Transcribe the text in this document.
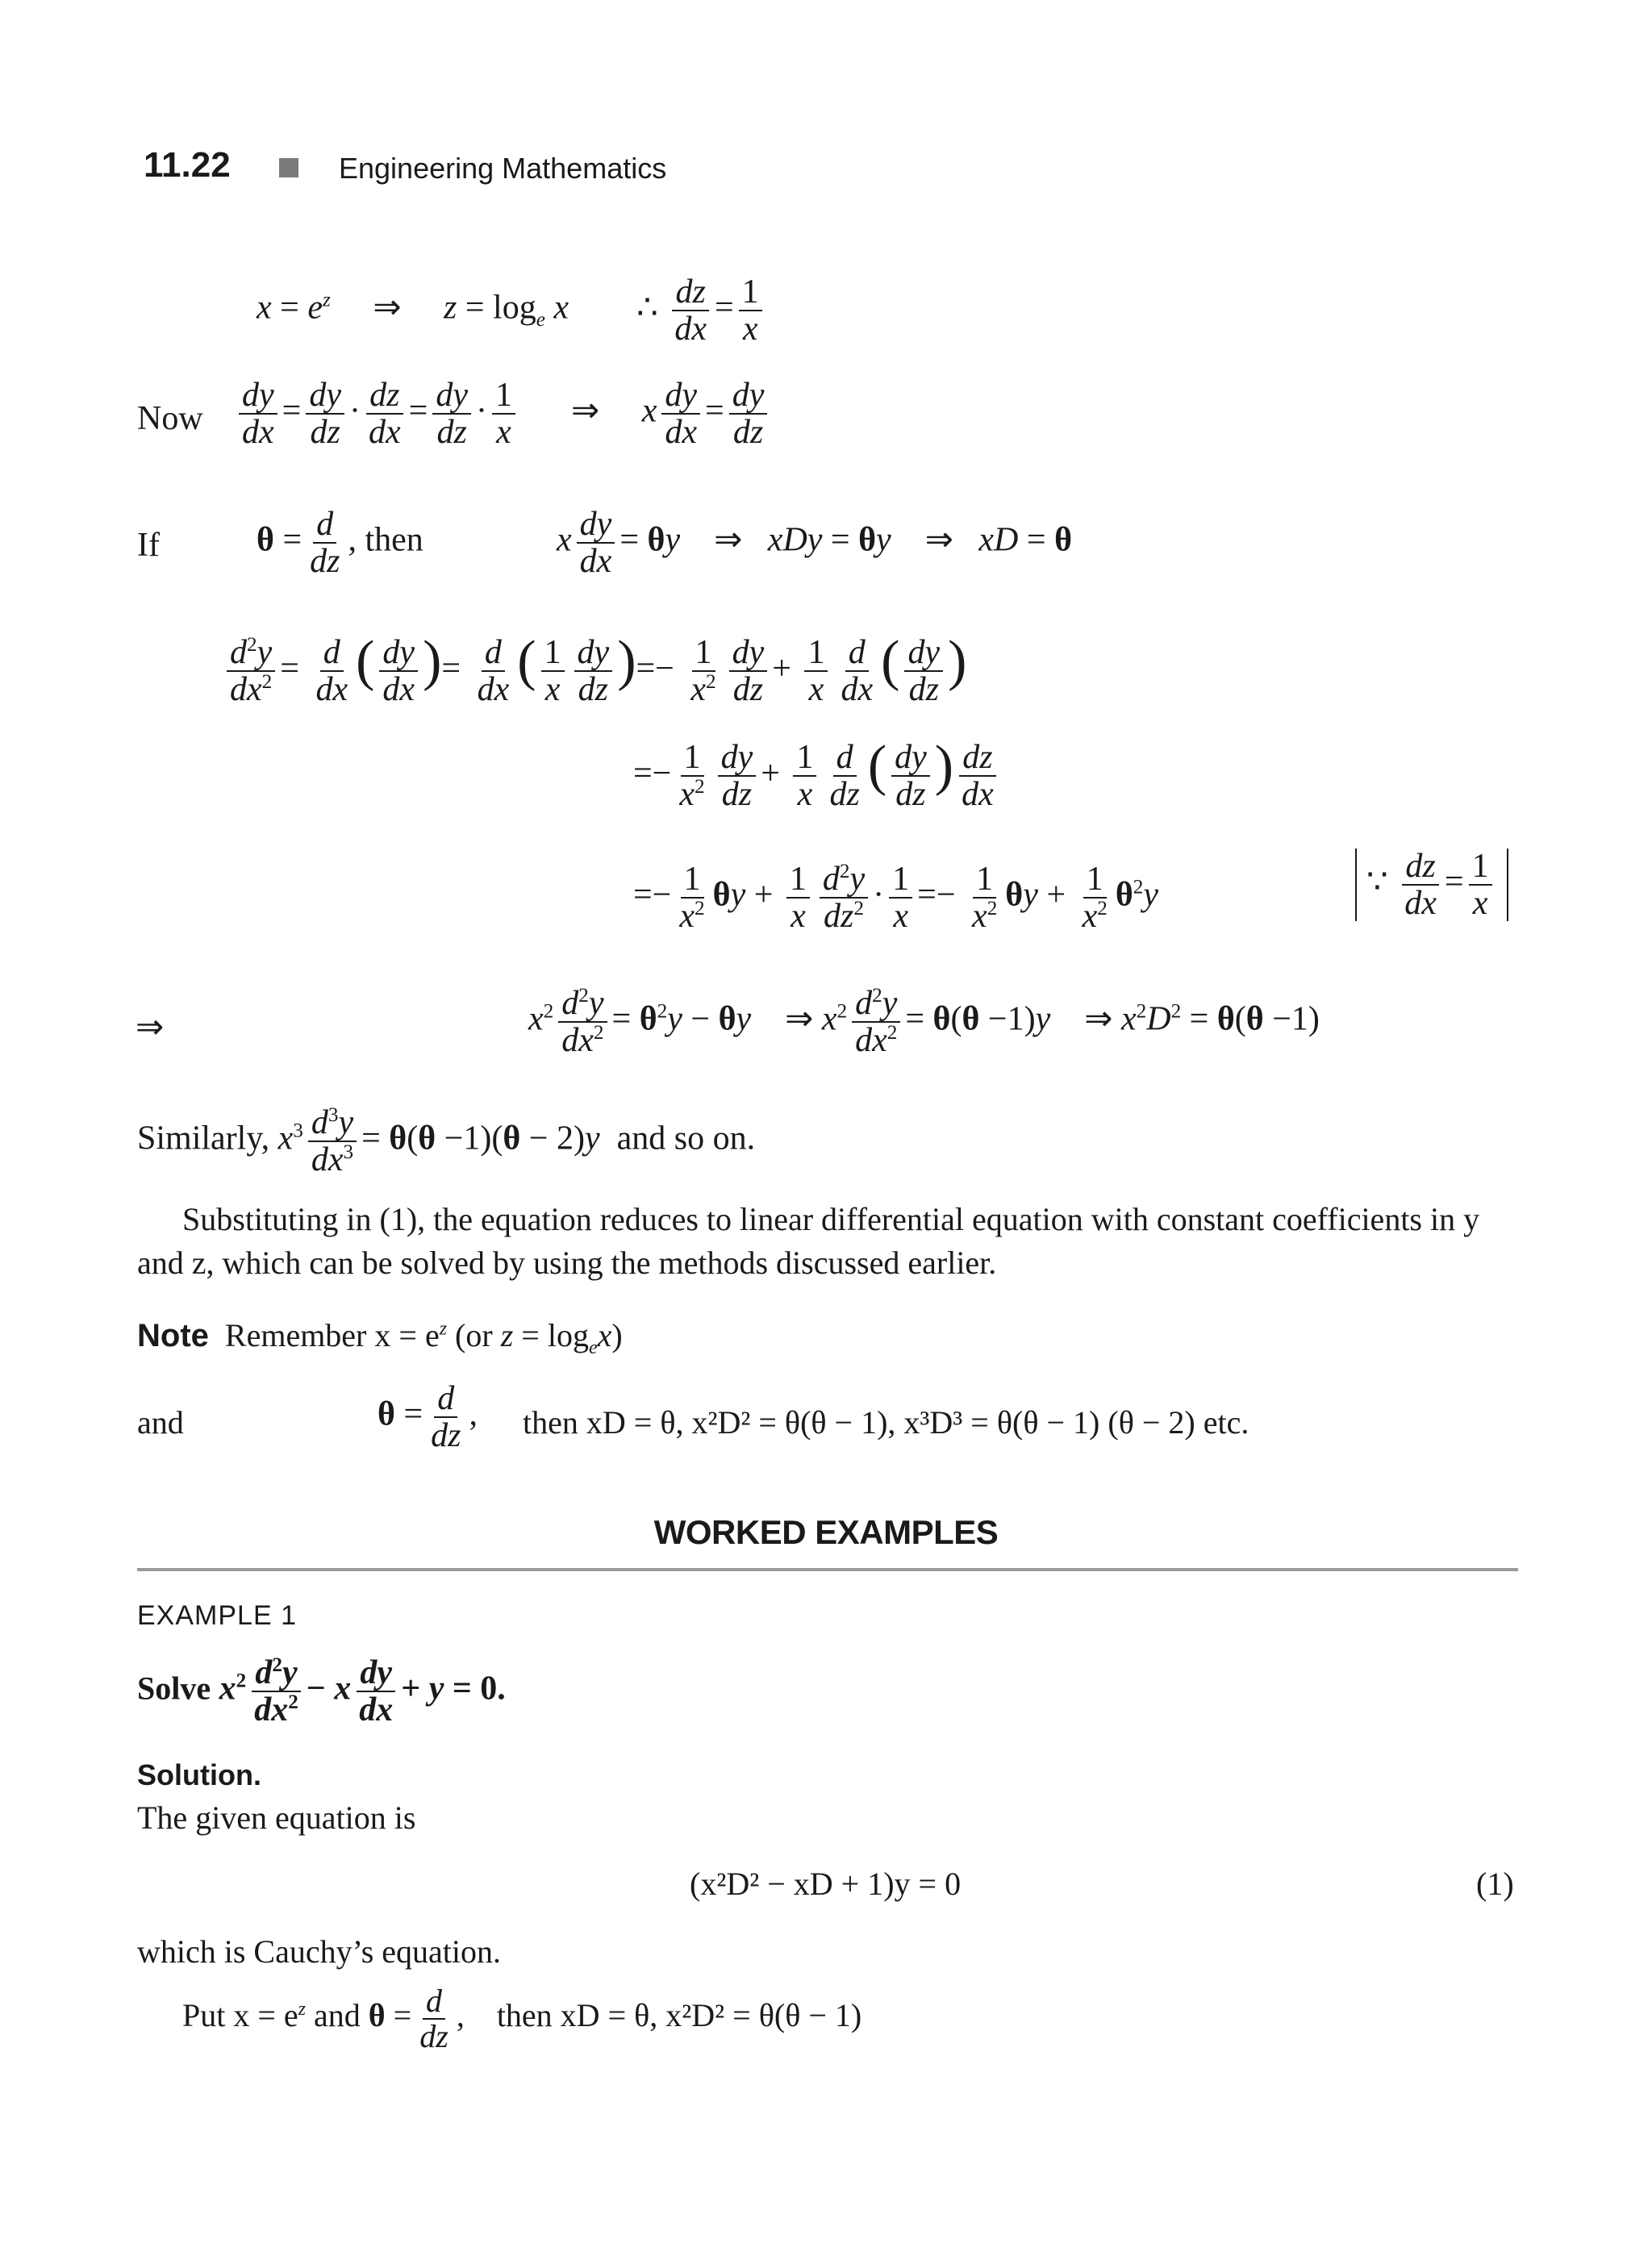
11.22	Engineering Mathematics
$x = e^z$     ⇒     $z = \log_e x$        ∴ $\frac{dz}{dx} = \frac{1}{x}$
Now $\frac{dy}{dx} = \frac{dy}{dz} \cdot \frac{dz}{dx} = \frac{dy}{dz} \cdot \frac{1}{x}$ ⇒     x $\frac{dy}{dx} = \frac{dy}{dz}$
If	$\theta = \frac{d}{dz}$ , then	x $\frac{dy}{dx} = \theta y$    ⇒   xDy = θy    ⇒   xD = θ
$\frac{d^2y}{dx^2} = \frac{d}{dx}$ ( $\frac{dy}{dx}$ )= $\frac{d}{dx}$ ( $\frac{1}{x} \frac{dy}{dz}$ )=− $\frac{1}{x^2} \frac{dy}{dz} + \frac{1}{x} \frac{d}{dx}$ ( $\frac{dy}{dz}$ )
=− $\frac{1}{x^2} \frac{dy}{dz} + \frac{1}{x} \frac{d}{dz}$ ( $\frac{dy}{dz}$ ) $\frac{dz}{dx}$
=− $\frac{1}{x^2}$ $\theta y + \frac{1}{x} \frac{d^2y}{dz^2} \cdot \frac{1}{x} =- \frac{1}{x^2}$ $\theta y + \frac{1}{x^2} \theta^2y$	∵ $\frac{dz}{dx} = \frac{1}{x}$
⇒	$x^2 \frac{d^2y}{dx^2} = \theta^2y - \theta y$    ⇒ $x^2 \frac{d^2y}{dx^2} = \theta(\theta -1)y$    ⇒ $x^2D^2 = \theta(\theta -1)$
Similarly, $x^3 \frac{d^3y}{dx^3} = \theta(\theta -1)(\theta - 2)y$ and so on.
Substituting in (1), the equation reduces to linear differential equation with constant coefficients in y and z, which can be solved by using the methods discussed earlier.
Note Remember $x = e^z$ (or $z = \log_ex$)
and	$\theta = \frac{d}{dz}$ , then xD = θ, x²D² = θ(θ − 1), x³D³ = θ(θ − 1) (θ − 2) etc.
WORKED EXAMPLES
EXAMPLE 1
Solve $x^2 \frac{d^2y}{dx^2} - x \frac{dy}{dx} + y = 0$.
Solution.
The given equation is
(x²D² − xD + 1)y = 0	(1)
which is Cauchy’s equation.
Put $x = e^z$ and $\theta = \frac{d}{dz}$ ,    then xD = θ, x²D² = θ(θ − 1)
